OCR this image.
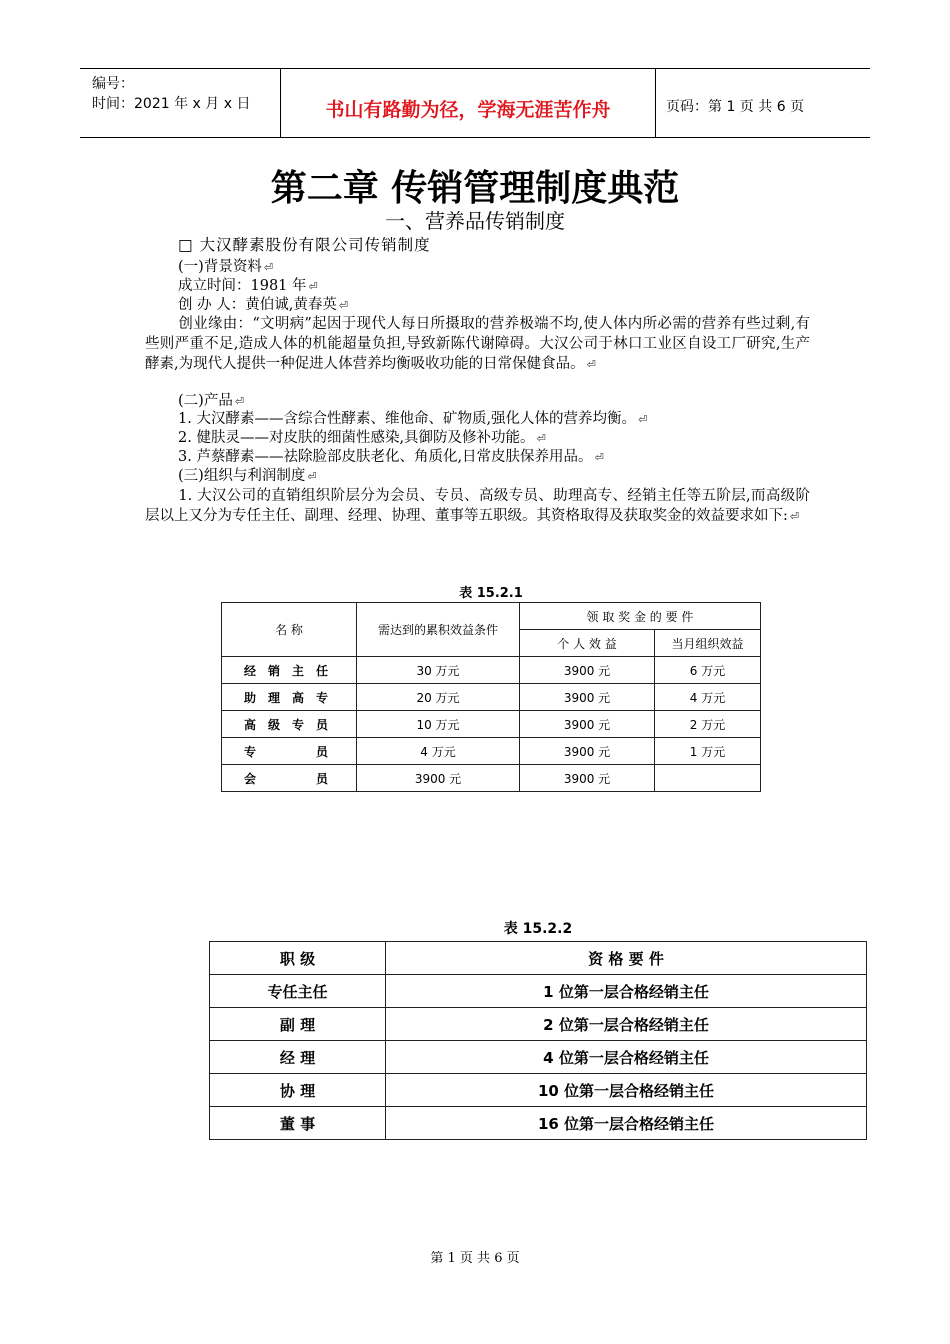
编号：
时间：2021 年 x 月 x 日	书山有路勤为径，学海无涯苦作舟	页码：第 1 页 共 6 页
第二章 传销管理制度典范
一、营养品传销制度
□ 大汉酵素股份有限公司传销制度
(一)背景资料 ⏎
成立时间：1981 年 ⏎
创 办 人：黄伯诚,黄春英 ⏎
创业缘由：“文明病”起因于现代人每日所摄取的营养极端不均,使人体内所必需的营养有些过剩,有些则严重不足,造成人体的机能超量负担,导致新陈代谢障碍。大汉公司于林口工业区自设工厂研究,生产酵素,为现代人提供一种促进人体营养均衡吸收功能的日常保健食品。 ⏎
(二)产品 ⏎
1. 大汉酵素——含综合性酵素、维他命、矿物质,强化人体的营养均衡。 ⏎
2. 健肤灵——对皮肤的细菌性感染,具御防及修补功能。 ⏎
3. 芦蔡酵素——祛除脸部皮肤老化、角质化,日常皮肤保养用品。 ⏎
(三)组织与利润制度 ⏎
1. 大汉公司的直销组织阶层分为会员、专员、高级专员、助理高专、经销主任等五阶层,而高级阶层以上又分为专任主任、副理、经理、协理、董事等五职级。其资格取得及获取奖金的效益要求如下: ⏎
表 15.2.1
名 称	需达到的累积效益条件	领 取 奖 金 的 要 件	
		个 人 效 益	当月组织效益
经销主任	30 万元	3900 元	6 万元
助理高专	20 万元	3900 元	4 万元
高级专员	10 万元	3900 元	2 万元
专员	4 万元	3900 元	1 万元
会员	3900 元	3900 元	
表 15.2.2
职 级	资 格 要 件
专任主任	1 位第一层合格经销主任
副 理	2 位第一层合格经销主任
经 理	4 位第一层合格经销主任
协 理	10 位第一层合格经销主任
董 事	16 位第一层合格经销主任
第 1 页 共 6 页
